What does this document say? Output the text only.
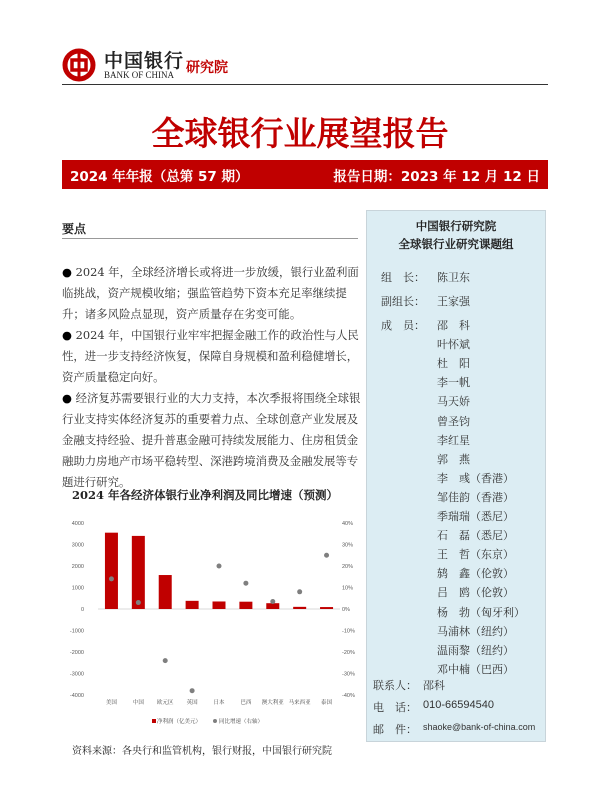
中国银行
BANK OF CHINA 研究院
全球银行业展望报告
2024 年年报（总第 57 期）	报告日期：2023 年 12 月 12 日
要点
● 2024 年，全球经济增长或将进一步放缓，银行业盈利面临挑战，资产规模收缩；强监管趋势下资本充足率继续提升；诸多风险点显现，资产质量存在劣变可能。
● 2024 年，中国银行业牢牢把握金融工作的政治性与人民性，进一步支持经济恢复，保障自身规模和盈利稳健增长，资产质量稳定向好。
● 经济复苏需要银行业的大力支持，本次季报将围绕全球银行业支持实体经济复苏的重要着力点、全球创意产业发展及金融支持经验、提升普惠金融可持续发展能力、住房租赁金融助力房地产市场平稳转型、深港跨境消费及金融发展等专题进行研究。
2024 年各经济体银行业净利润及同比增速（预测）
4000
3000
2000
1000
0
-1000
-2000
-3000
-4000
40%
30%
20%
10%
0%
-10%
-20%
-30%
-40%
美国	中国 欧元区 英国	日本	巴西 澳大利亚 马来西亚 泰国
净利润（亿美元）	同比增速（右轴）
资料来源：各央行和监管机构，银行财报，中国银行研究院
中国银行研究院
全球银行业研究课题组
组　长： 陈卫东
副组长： 王家强
成　员： 邵　科
叶怀斌
杜　阳
李一帆
马天娇
曾圣钧
李红星
郭　燕
李　彧（香港）
邹佳韵（香港）
季瑞瑞（悉尼）
石　磊（悉尼）
王　哲（东京）
鸫　鑫（伦敦）
吕　鸥（伦敦）
杨　勃（匈牙利）
马浦林（纽约）
温雨黎（纽约）
邓中楠（巴西）
联系人： 邵科
电　话： 010-66594540
邮　件： shaoke@bank-of-china.com
